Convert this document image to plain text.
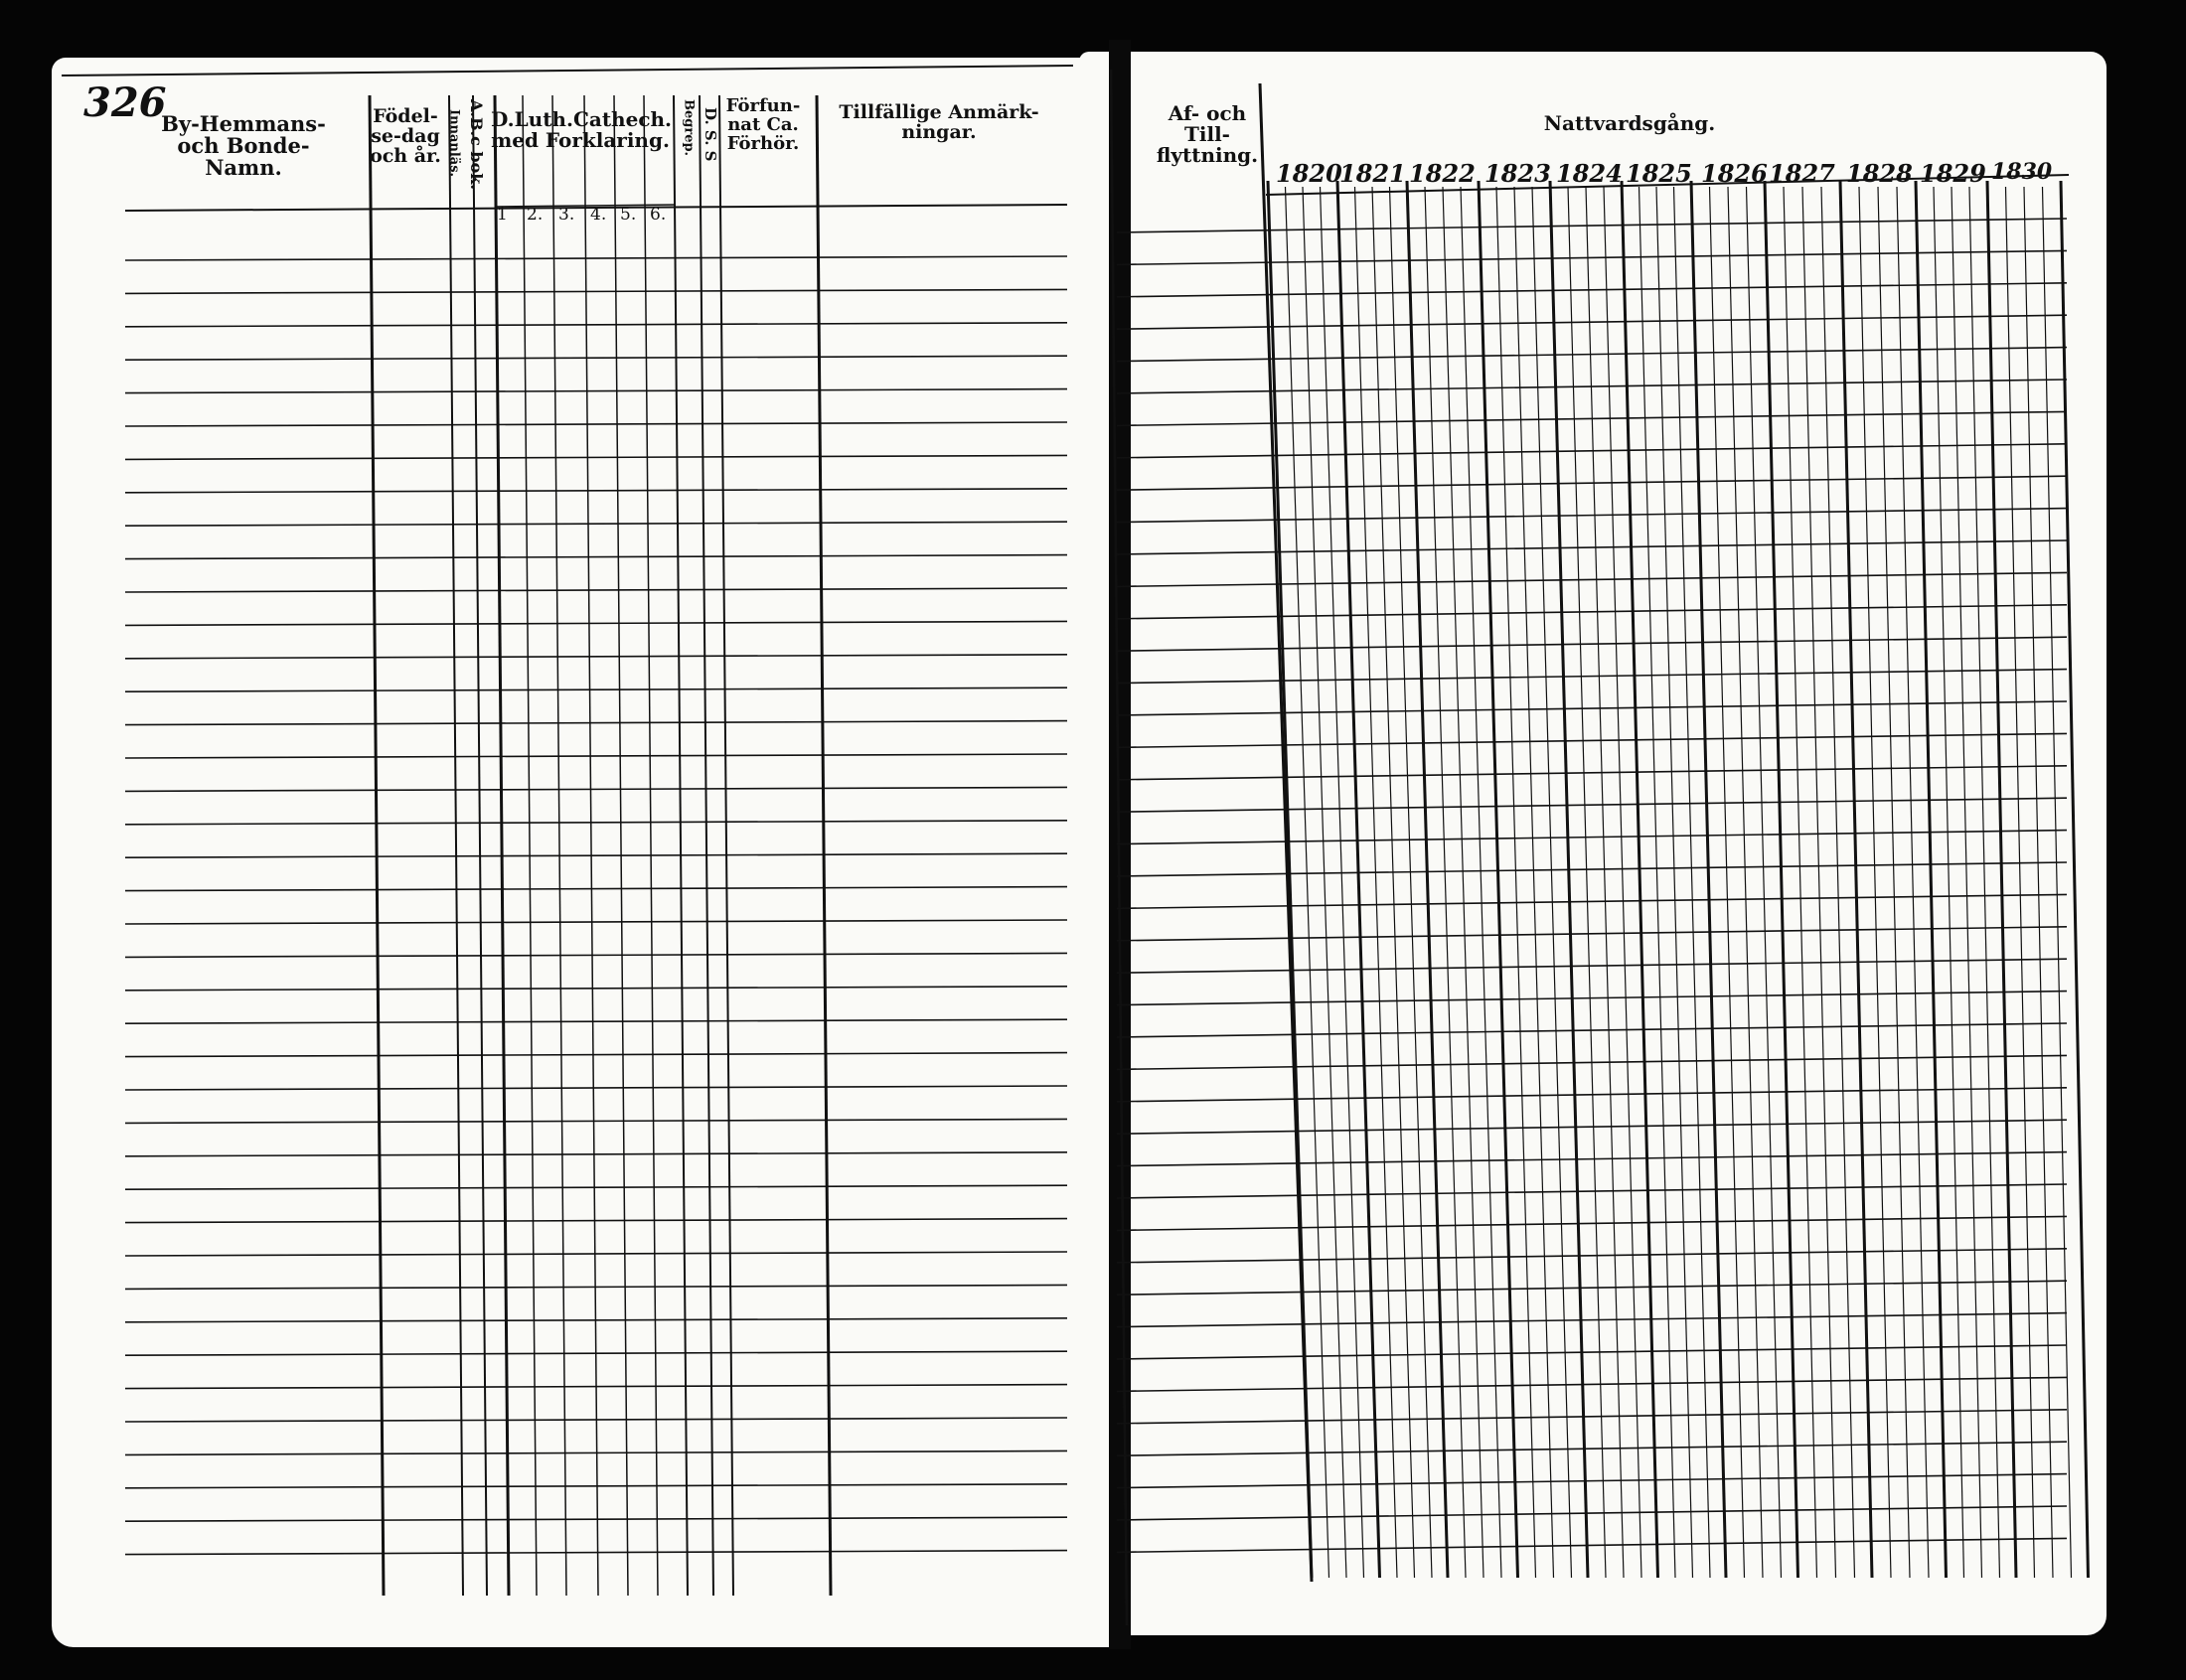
326
By-Hemmans- och Bonde-Namn.
Födel-se-dag och år. A.B.c bok.
Innanläs. D.Luth.Cathech. med Forklaring. Begrep. D. S. S
Förfun-nat Ca. Förhör.
Tillfällige Anmärk-ningar.
1 2. 3. 4. 5. 6.
Af- och Till-flyttning.
Nattvardsgång.
1820
1821 1822 1823 1824 1825 1826 1827 1828 1829 1830
